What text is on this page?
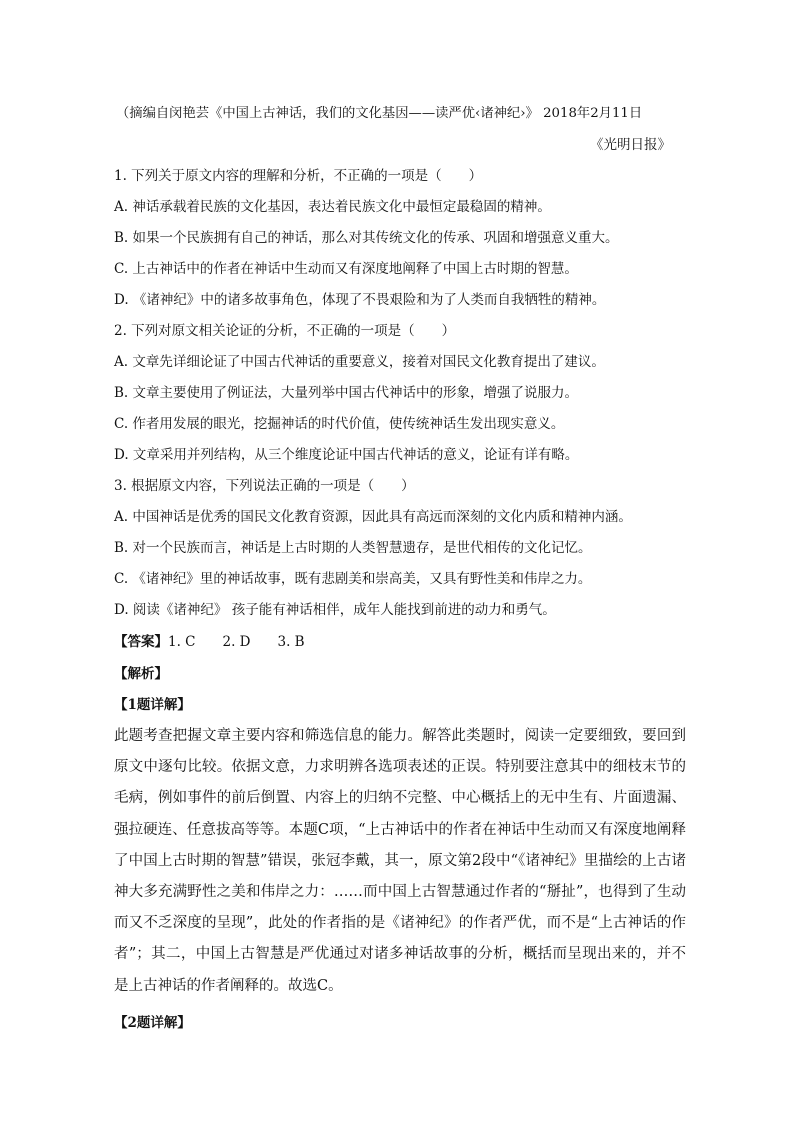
（摘编自闵艳芸《中国上古神话，我们的文化基因——读严优‹诸神纪›》 2018年2月11日
《光明日报》
1. 下列关于原文内容的理解和分析，不正确的一项是（　　）
A. 神话承载着民族的文化基因，表达着民族文化中最恒定最稳固的精神。
B. 如果一个民族拥有自己的神话，那么对其传统文化的传承、巩固和增强意义重大。
C. 上古神话中的作者在神话中生动而又有深度地阐释了中国上古时期的智慧。
D. 《诸神纪》中的诸多故事角色，体现了不畏艰险和为了人类而自我牺牲的精神。
2. 下列对原文相关论证的分析，不正确的一项是（　　）
A. 文章先详细论证了中国古代神话的重要意义，接着对国民文化教育提出了建议。
B. 文章主要使用了例证法，大量列举中国古代神话中的形象，增强了说服力。
C. 作者用发展的眼光，挖掘神话的时代价值，使传统神话生发出现实意义。
D. 文章采用并列结构，从三个维度论证中国古代神话的意义，论证有详有略。
3. 根据原文内容，下列说法正确的一项是（　　）
A. 中国神话是优秀的国民文化教育资源，因此具有高远而深刻的文化内质和精神内涵。
B. 对一个民族而言，神话是上古时期的人类智慧遗存，是世代相传的文化记忆。
C. 《诸神纪》里的神话故事，既有悲剧美和崇高美，又具有野性美和伟岸之力。
D. 阅读《诸神纪》 孩子能有神话相伴，成年人能找到前进的动力和勇气。
【答案】1. C　　2. D　　3. B
【解析】
【1题详解】
此题考查把握文章主要内容和筛选信息的能力。解答此类题时，阅读一定要细致，要回到原文中逐句比较。依据文意，力求明辨各选项表述的正误。特别要注意其中的细枝末节的毛病，例如事件的前后倒置、内容上的归纳不完整、中心概括上的无中生有、片面遗漏、强拉硬连、任意拔高等等。本题C项，“上古神话中的作者在神话中生动而又有深度地阐释了中国上古时期的智慧”错误，张冠李戴，其一，原文第2段中“《诸神纪》里描绘的上古诸神大多充满野性之美和伟岸之力：……而中国上古智慧通过作者的“掰扯”，也得到了生动而又不乏深度的呈现”，此处的作者指的是《诸神纪》的作者严优，而不是“上古神话的作者”；其二，中国上古智慧是严优通过对诸多神话故事的分析，概括而呈现出来的，并不是上古神话的作者阐释的。故选C。
【2题详解】
